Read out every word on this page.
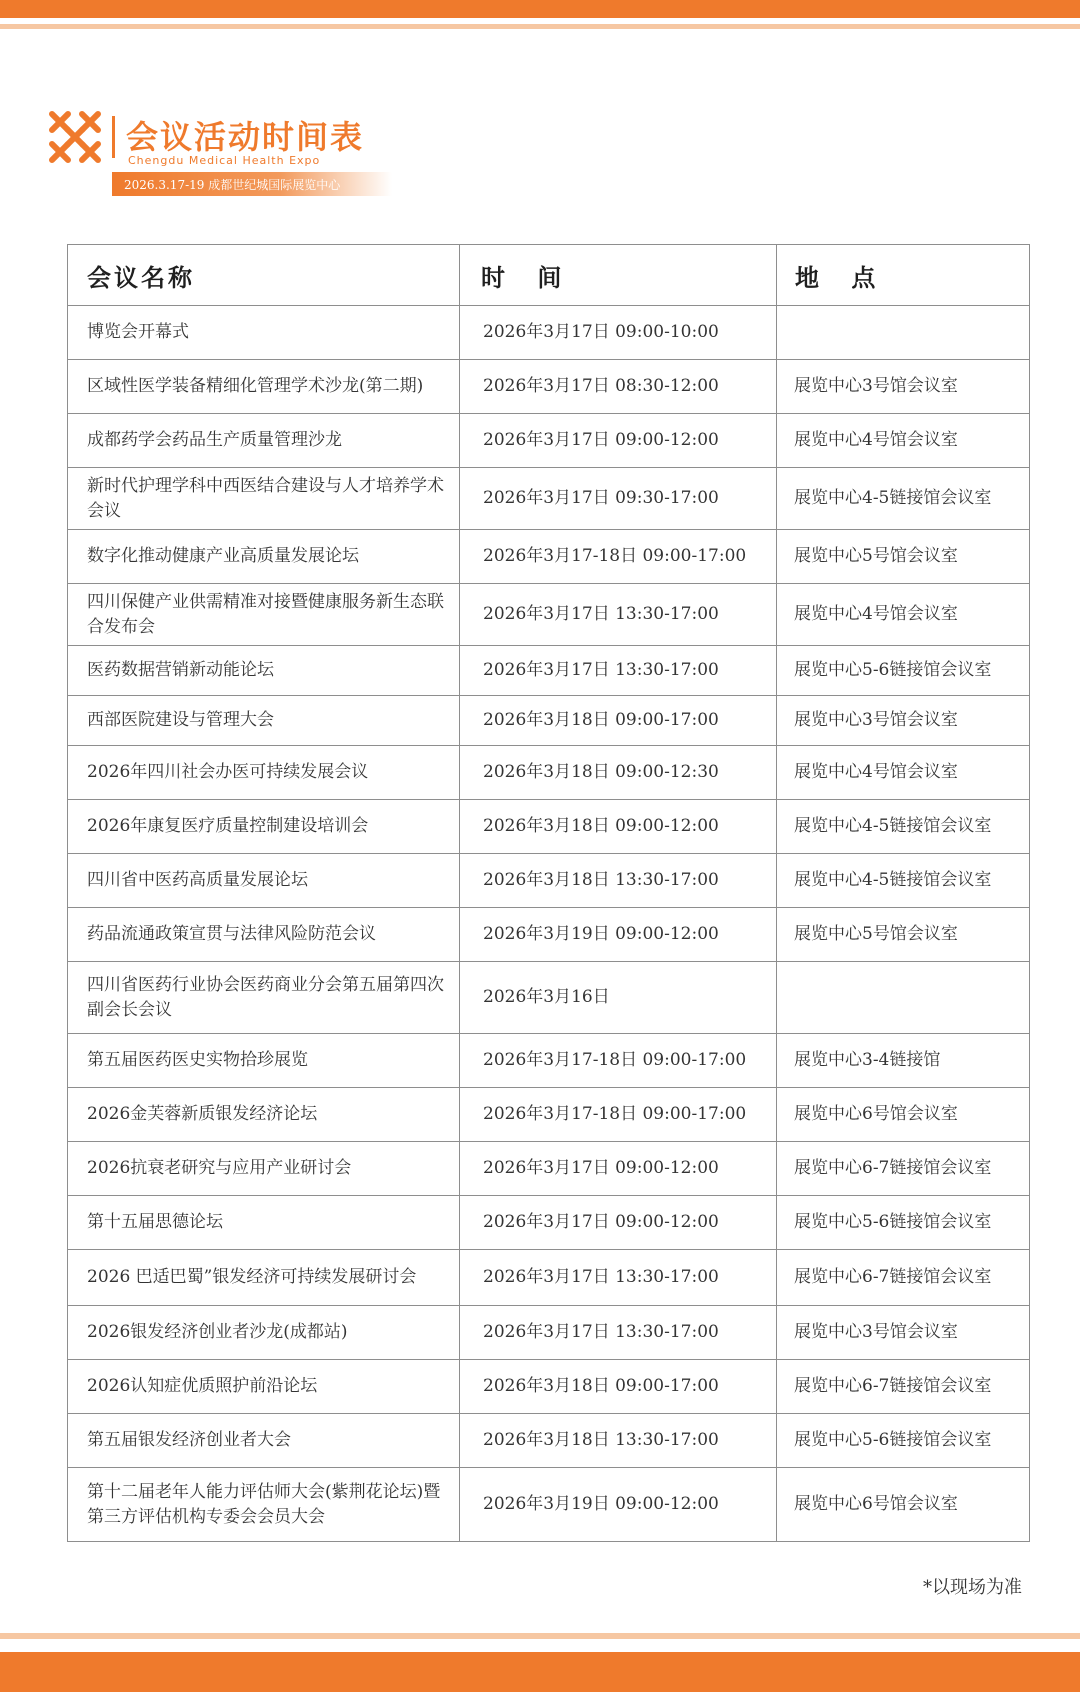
会议活动时间表
Chengdu Medical Health Expo
2026.3.17-19 成都世纪城国际展览中心
会议名称	时 间	地 点
博览会开幕式	2026年3月17日 09:00-10:00	
区域性医学装备精细化管理学术沙龙(第二期)	2026年3月17日 08:30-12:00	展览中心3号馆会议室
成都药学会药品生产质量管理沙龙	2026年3月17日 09:00-12:00	展览中心4号馆会议室
新时代护理学科中西医结合建设与人才培养学术会议	2026年3月17日 09:30-17:00	展览中心4-5链接馆会议室
数字化推动健康产业高质量发展论坛	2026年3月17-18日 09:00-17:00	展览中心5号馆会议室
四川保健产业供需精准对接暨健康服务新生态联合发布会	2026年3月17日 13:30-17:00	展览中心4号馆会议室
医药数据营销新动能论坛	2026年3月17日 13:30-17:00	展览中心5-6链接馆会议室
西部医院建设与管理大会	2026年3月18日 09:00-17:00	展览中心3号馆会议室
2026年四川社会办医可持续发展会议	2026年3月18日 09:00-12:30	展览中心4号馆会议室
2026年康复医疗质量控制建设培训会	2026年3月18日 09:00-12:00	展览中心4-5链接馆会议室
四川省中医药高质量发展论坛	2026年3月18日 13:30-17:00	展览中心4-5链接馆会议室
药品流通政策宣贯与法律风险防范会议	2026年3月19日 09:00-12:00	展览中心5号馆会议室
四川省医药行业协会医药商业分会第五届第四次副会长会议	2026年3月16日	
第五届医药医史实物拾珍展览	2026年3月17-18日 09:00-17:00	展览中心3-4链接馆
2026金芙蓉新质银发经济论坛	2026年3月17-18日 09:00-17:00	展览中心6号馆会议室
2026抗衰老研究与应用产业研讨会	2026年3月17日 09:00-12:00	展览中心6-7链接馆会议室
第十五届思德论坛	2026年3月17日 09:00-12:00	展览中心5-6链接馆会议室
2026 巴适巴蜀”银发经济可持续发展研讨会	2026年3月17日 13:30-17:00	展览中心6-7链接馆会议室
2026银发经济创业者沙龙(成都站)	2026年3月17日 13:30-17:00	展览中心3号馆会议室
2026认知症优质照护前沿论坛	2026年3月18日 09:00-17:00	展览中心6-7链接馆会议室
第五届银发经济创业者大会	2026年3月18日 13:30-17:00	展览中心5-6链接馆会议室
第十二届老年人能力评估师大会(紫荆花论坛)暨第三方评估机构专委会会员大会	2026年3月19日 09:00-12:00	展览中心6号馆会议室
*以现场为准
